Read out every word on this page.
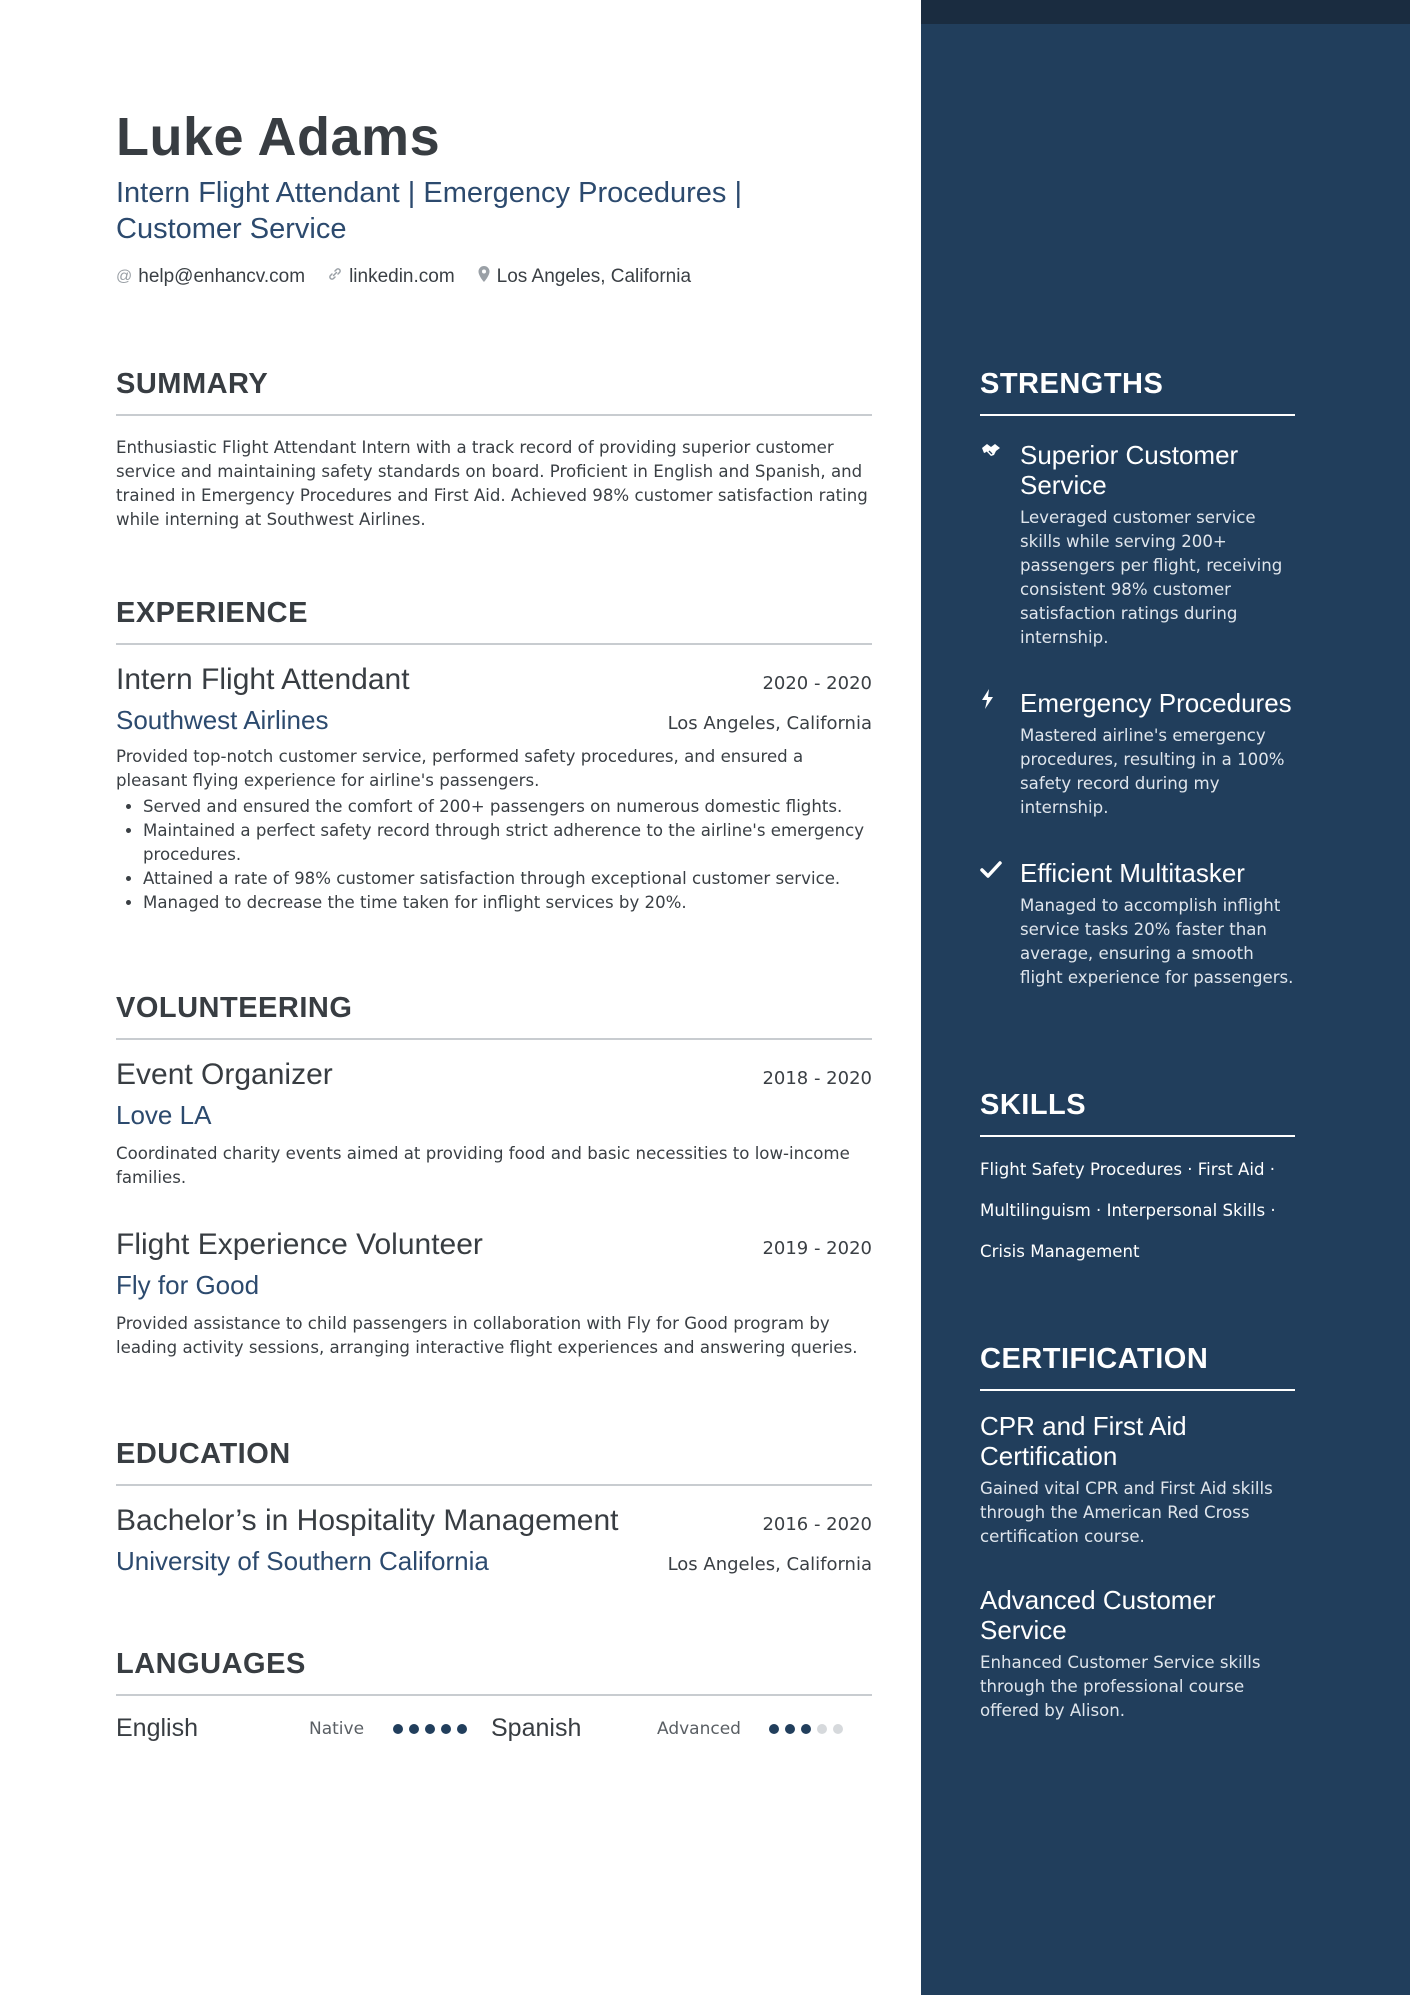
Luke Adams
Intern Flight Attendant | Emergency Procedures | Customer Service
@ help@enhancv.com linkedin.com Los Angeles, California
SUMMARY
Enthusiastic Flight Attendant Intern with a track record of providing superior customer service and maintaining safety standards on board. Proficient in English and Spanish, and trained in Emergency Procedures and First Aid. Achieved 98% customer satisfaction rating while interning at Southwest Airlines.
EXPERIENCE
Intern Flight Attendant	2020 - 2020
Southwest Airlines	Los Angeles, California
Provided top-notch customer service, performed safety procedures, and ensured a pleasant flying experience for airline's passengers.
• Served and ensured the comfort of 200+ passengers on numerous domestic flights.
• Maintained a perfect safety record through strict adherence to the airline's emergency procedures.
• Attained a rate of 98% customer satisfaction through exceptional customer service.
• Managed to decrease the time taken for inflight services by 20%.
VOLUNTEERING
Event Organizer	2018 - 2020
Love LA
Coordinated charity events aimed at providing food and basic necessities to low-income families.
Flight Experience Volunteer	2019 - 2020
Fly for Good
Provided assistance to child passengers in collaboration with Fly for Good program by leading activity sessions, arranging interactive flight experiences and answering queries.
EDUCATION
Bachelor’s in Hospitality Management	2016 - 2020
University of Southern California	Los Angeles, California
LANGUAGES
English	Native	Spanish	Advanced
STRENGTHS
Superior Customer Service
Leveraged customer service skills while serving 200+ passengers per flight, receiving consistent 98% customer satisfaction ratings during internship.
Emergency Procedures
Mastered airline's emergency procedures, resulting in a 100% safety record during my internship.
Efficient Multitasker
Managed to accomplish inflight service tasks 20% faster than average, ensuring a smooth flight experience for passengers.
SKILLS
Flight Safety Procedures · First Aid ·
Multilinguism · Interpersonal Skills ·
Crisis Management
CERTIFICATION
CPR and First Aid Certification
Gained vital CPR and First Aid skills through the American Red Cross certification course.
Advanced Customer Service
Enhanced Customer Service skills through the professional course offered by Alison.
